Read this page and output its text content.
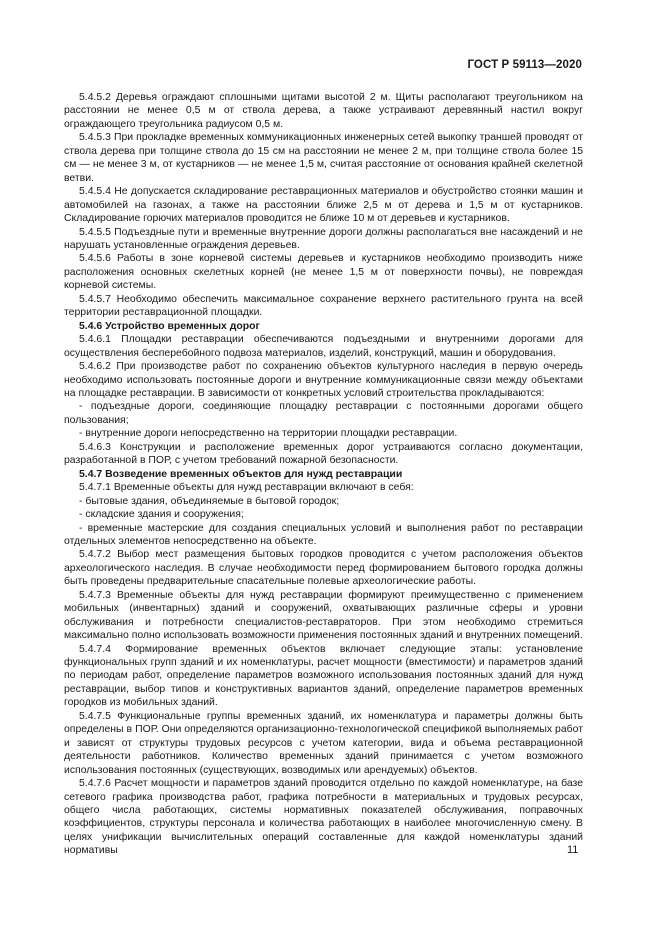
ГОСТ Р 59113—2020

5.4.5.2 Деревья ограждают сплошными щитами высотой 2 м. Щиты располагают треугольником на расстоянии не менее 0,5 м от ствола дерева, а также устраивают деревянный настил вокруг ограждающего треугольника радиусом 0,5 м.

5.4.5.3 При прокладке временных коммуникационных инженерных сетей выкопку траншей проводят от ствола дерева при толщине ствола до 15 см на расстоянии не менее 2 м, при толщине ствола более 15 см — не менее 3 м, от кустарников — не менее 1,5 м, считая расстояние от основания крайней скелетной ветви.

5.4.5.4 Не допускается складирование реставрационных материалов и обустройство стоянки машин и автомобилей на газонах, а также на расстоянии ближе 2,5 м от дерева и 1,5 м от кустарников. Складирование горючих материалов проводится не ближе 10 м от деревьев и кустарников.

5.4.5.5 Подъездные пути и временные внутренние дороги должны располагаться вне насаждений и не нарушать установленные ограждения деревьев.

5.4.5.6 Работы в зоне корневой системы деревьев и кустарников необходимо производить ниже расположения основных скелетных корней (не менее 1,5 м от поверхности почвы), не повреждая корневой системы.

5.4.5.7 Необходимо обеспечить максимальное сохранение верхнего растительного грунта на всей территории реставрационной площадки.

5.4.6 Устройство временных дорог

5.4.6.1 Площадки реставрации обеспечиваются подъездными и внутренними дорогами для осуществления бесперебойного подвоза материалов, изделий, конструкций, машин и оборудования.

5.4.6.2 При производстве работ по сохранению объектов культурного наследия в первую очередь необходимо использовать постоянные дороги и внутренние коммуникационные связи между объектами на площадке реставрации. В зависимости от конкретных условий строительства прокладываются:

- подъездные дороги, соединяющие площадку реставрации с постоянными дорогами общего пользования;

- внутренние дороги непосредственно на территории площадки реставрации.

5.4.6.3 Конструкции и расположение временных дорог устраиваются согласно документации, разработанной в ПОР, с учетом требований пожарной безопасности.

5.4.7 Возведение временных объектов для нужд реставрации

5.4.7.1 Временные объекты для нужд реставрации включают в себя:

- бытовые здания, объединяемые в бытовой городок;

- складские здания и сооружения;

- временные мастерские для создания специальных условий и выполнения работ по реставрации отдельных элементов непосредственно на объекте.

5.4.7.2 Выбор мест размещения бытовых городков проводится с учетом расположения объектов археологического наследия. В случае необходимости перед формированием бытового городка должны быть проведены предварительные спасательные полевые археологические работы.

5.4.7.3 Временные объекты для нужд реставрации формируют преимущественно с применением мобильных (инвентарных) зданий и сооружений, охватывающих различные сферы и уровни обслуживания и потребности специалистов-реставраторов. При этом необходимо стремиться максимально полно использовать возможности применения постоянных зданий и внутренних помещений.

5.4.7.4 Формирование временных объектов включает следующие этапы: установление функциональных групп зданий и их номенклатуры, расчет мощности (вместимости) и параметров зданий по периодам работ, определение параметров возможного использования постоянных зданий для нужд реставрации, выбор типов и конструктивных вариантов зданий, определение параметров временных городков из мобильных зданий.

5.4.7.5 Функциональные группы временных зданий, их номенклатура и параметры должны быть определены в ПОР. Они определяются организационно-технологической спецификой выполняемых работ и зависят от структуры трудовых ресурсов с учетом категории, вида и объема реставрационной деятельности работников. Количество временных зданий принимается с учетом возможного использования постоянных (существующих, возводимых или арендуемых) объектов.

5.4.7.6 Расчет мощности и параметров зданий проводится отдельно по каждой номенклатуре, на базе сетевого графика производства работ, графика потребности в материальных и трудовых ресурсах, общего числа работающих, системы нормативных показателей обслуживания, поправочных коэффициентов, структуры персонала и количества работающих в наиболее многочисленную смену. В целях унификации вычислительных операций составленные для каждой номенклатуры зданий нормативы	11
